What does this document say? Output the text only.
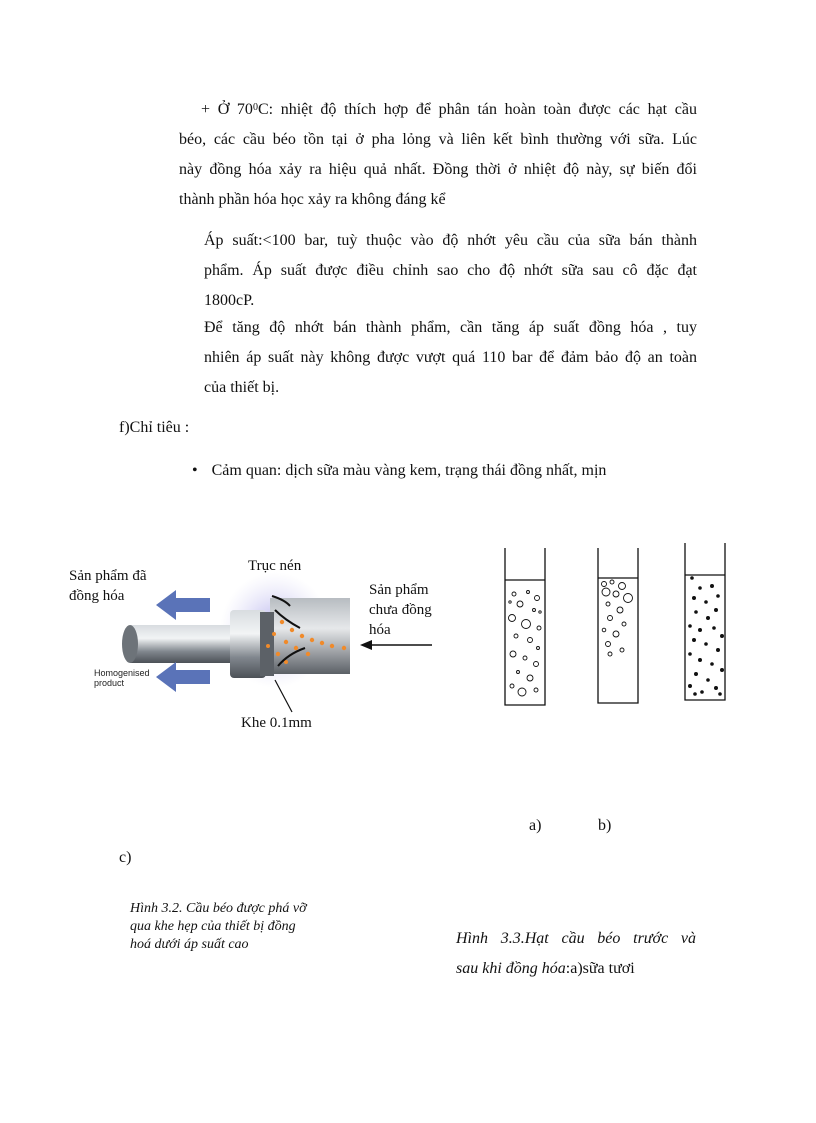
+ Ở $70^0C$: nhiệt độ thích hợp để phân tán hoàn toàn được các hạt cầu
béo, các cầu béo tồn tại ở pha lỏng và liên kết bình thường với sữa. Lúc
này đồng hóa xảy ra hiệu quả nhất. Đồng thời ở nhiệt độ này, sự biến đổi
thành phần hóa học xảy ra không đáng kể
Áp suất:<100 bar, tuỳ thuộc vào độ nhớt yêu cầu của sữa bán thành
phẩm. Áp suất được điều chỉnh sao cho độ nhớt sữa sau cô đặc đạt
1800cP.
Để tăng độ nhớt bán thành phẩm, cần tăng áp suất đồng hóa , tuy
nhiên áp suất này không được vượt quá 110 bar để đảm bảo độ an toàn
của thiết bị.
f)Chỉ tiêu :
• Cảm quan: dịch sữa màu vàng kem, trạng thái đồng nhất, mịn
Sản phẩm đã
đồng hóa
Trục nén
Sản phẩm
chưa đồng
hóa
Homogenised
product
Khe 0.1mm
a)	b)
c)
Hình 3.2. Cầu béo được phá vỡ
qua khe hẹp của thiết bị đồng
hoá dưới áp suất cao	Hình 3.3.Hạt cầu béo trước và
sau khi đồng hóa:a)sữa tươi
